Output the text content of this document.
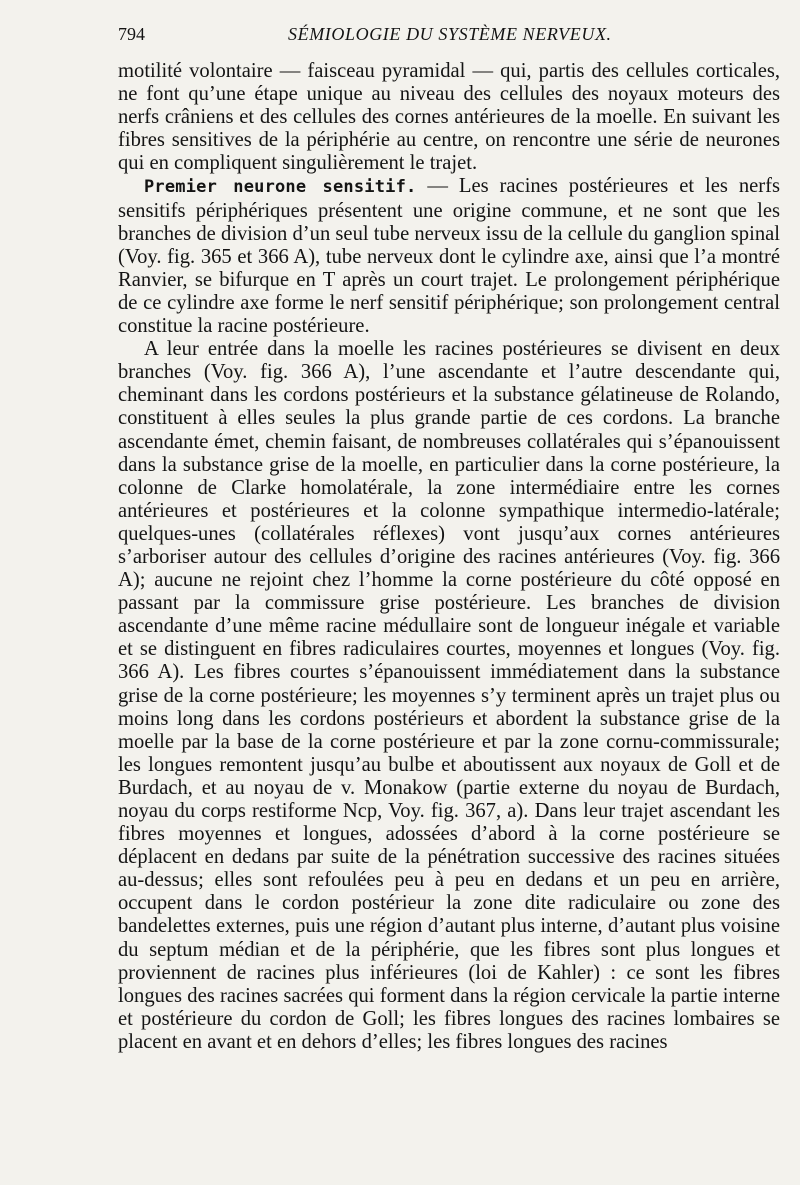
794	SÉMIOLOGIE DU SYSTÈME NERVEUX.

motilité volontaire — faisceau pyramidal — qui, partis des cellules corticales, ne font qu’une étape unique au niveau des cellules des noyaux moteurs des nerfs crâniens et des cellules des cornes antérieures de la moelle. En suivant les fibres sensitives de la périphérie au centre, on rencontre une série de neurones qui en compliquent singulièrement le trajet.

Premier neurone sensitif. — Les racines postérieures et les nerfs sensitifs périphériques présentent une origine commune, et ne sont que les branches de division d’un seul tube nerveux issu de la cellule du ganglion spinal (Voy. fig. 365 et 366 A), tube nerveux dont le cylindre axe, ainsi que l’a montré Ranvier, se bifurque en T après un court trajet. Le prolongement périphérique de ce cylindre axe forme le nerf sensitif périphérique; son prolongement central constitue la racine postérieure.

A leur entrée dans la moelle les racines postérieures se divisent en deux branches (Voy. fig. 366 A), l’une ascendante et l’autre descendante qui, cheminant dans les cordons postérieurs et la substance gélatineuse de Rolando, constituent à elles seules la plus grande partie de ces cordons. La branche ascendante émet, chemin faisant, de nombreuses collatérales qui s’épanouissent dans la substance grise de la moelle, en particulier dans la corne postérieure, la colonne de Clarke homolatérale, la zone intermédiaire entre les cornes antérieures et postérieures et la colonne sympathique intermedio-latérale; quelques-unes (collatérales réflexes) vont jusqu’aux cornes antérieures s’arboriser autour des cellules d’origine des racines antérieures (Voy. fig. 366 A); aucune ne rejoint chez l’homme la corne postérieure du côté opposé en passant par la commissure grise postérieure. Les branches de division ascendante d’une même racine médullaire sont de longueur inégale et variable et se distinguent en fibres radiculaires courtes, moyennes et longues (Voy. fig. 366 A). Les fibres courtes s’épanouissent immédiatement dans la substance grise de la corne postérieure; les moyennes s’y terminent après un trajet plus ou moins long dans les cordons postérieurs et abordent la substance grise de la moelle par la base de la corne postérieure et par la zone cornu-commissurale; les longues remontent jusqu’au bulbe et aboutissent aux noyaux de Goll et de Burdach, et au noyau de v. Monakow (partie externe du noyau de Burdach, noyau du corps restiforme Ncp, Voy. fig. 367, a). Dans leur trajet ascendant les fibres moyennes et longues, adossées d’abord à la corne postérieure se déplacent en dedans par suite de la pénétration successive des racines situées au-dessus; elles sont refoulées peu à peu en dedans et un peu en arrière, occupent dans le cordon postérieur la zone dite radiculaire ou zone des bandelettes externes, puis une région d’autant plus interne, d’autant plus voisine du septum médian et de la périphérie, que les fibres sont plus longues et proviennent de racines plus inférieures (loi de Kahler) : ce sont les fibres longues des racines sacrées qui forment dans la région cervicale la partie interne et postérieure du cordon de Goll; les fibres longues des racines lombaires se placent en avant et en dehors d’elles; les fibres longues des racines
